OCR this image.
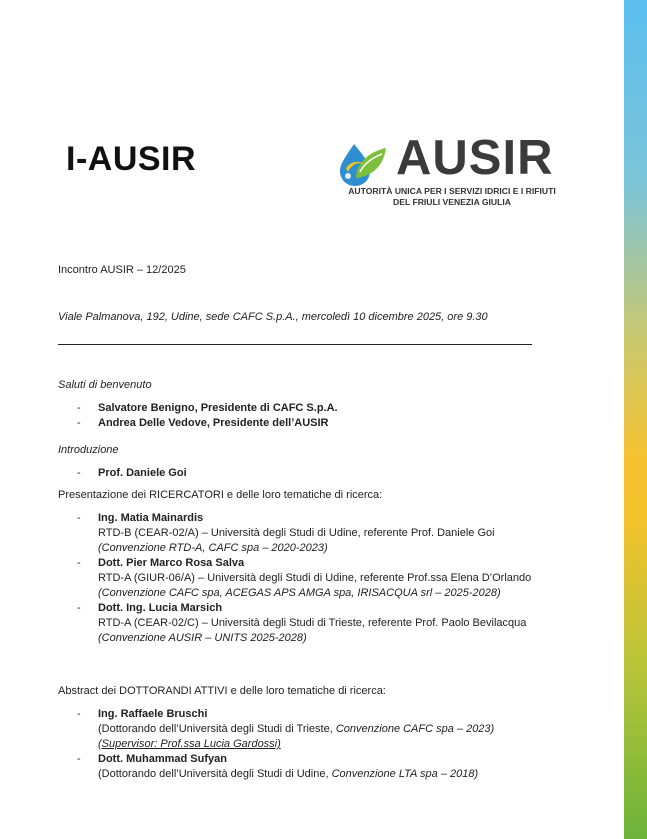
I-AUSIR	AUSIR
AUTORITÀ UNICA PER I SERVIZI IDRICI E I RIFIUTI
DEL FRIULI VENEZIA GIULIA
Incontro AUSIR – 12/2025
Viale Palmanova, 192, Udine, sede CAFC S.p.A., mercoledì 10 dicembre 2025, ore 9.30

Saluti di benvenuto

- Salvatore Benigno, Presidente di CAFC S.p.A.
- Andrea Delle Vedove, Presidente dell’AUSIR

Introduzione

- Prof. Daniele Goi

Presentazione dei RICERCATORI e delle loro tematiche di ricerca:

- Ing. Matia Mainardis
RTD-B (CEAR-02/A) – Università degli Studi di Udine, referente Prof. Daniele Goi
(Convenzione RTD-A, CAFC spa – 2020-2023)
- Dott. Pier Marco Rosa Salva
RTD-A (GIUR-06/A) – Università degli Studi di Udine, referente Prof.ssa Elena D’Orlando
(Convenzione CAFC spa, ACEGAS APS AMGA spa, IRISACQUA srl – 2025-2028)
- Dott. Ing. Lucia Marsich
RTD-A (CEAR-02/C) – Università degli Studi di Trieste, referente Prof. Paolo Bevilacqua
(Convenzione AUSIR – UNITS 2025-2028)

Abstract dei DOTTORANDI ATTIVI e delle loro tematiche di ricerca:

- Ing. Raffaele Bruschi
(Dottorando dell’Università degli Studi di Trieste, Convenzione CAFC spa – 2023)
(Supervisor: Prof.ssa Lucia Gardossi)
- Dott. Muhammad Sufyan
(Dottorando dell’Università degli Studi di Udine, Convenzione LTA spa – 2018)
